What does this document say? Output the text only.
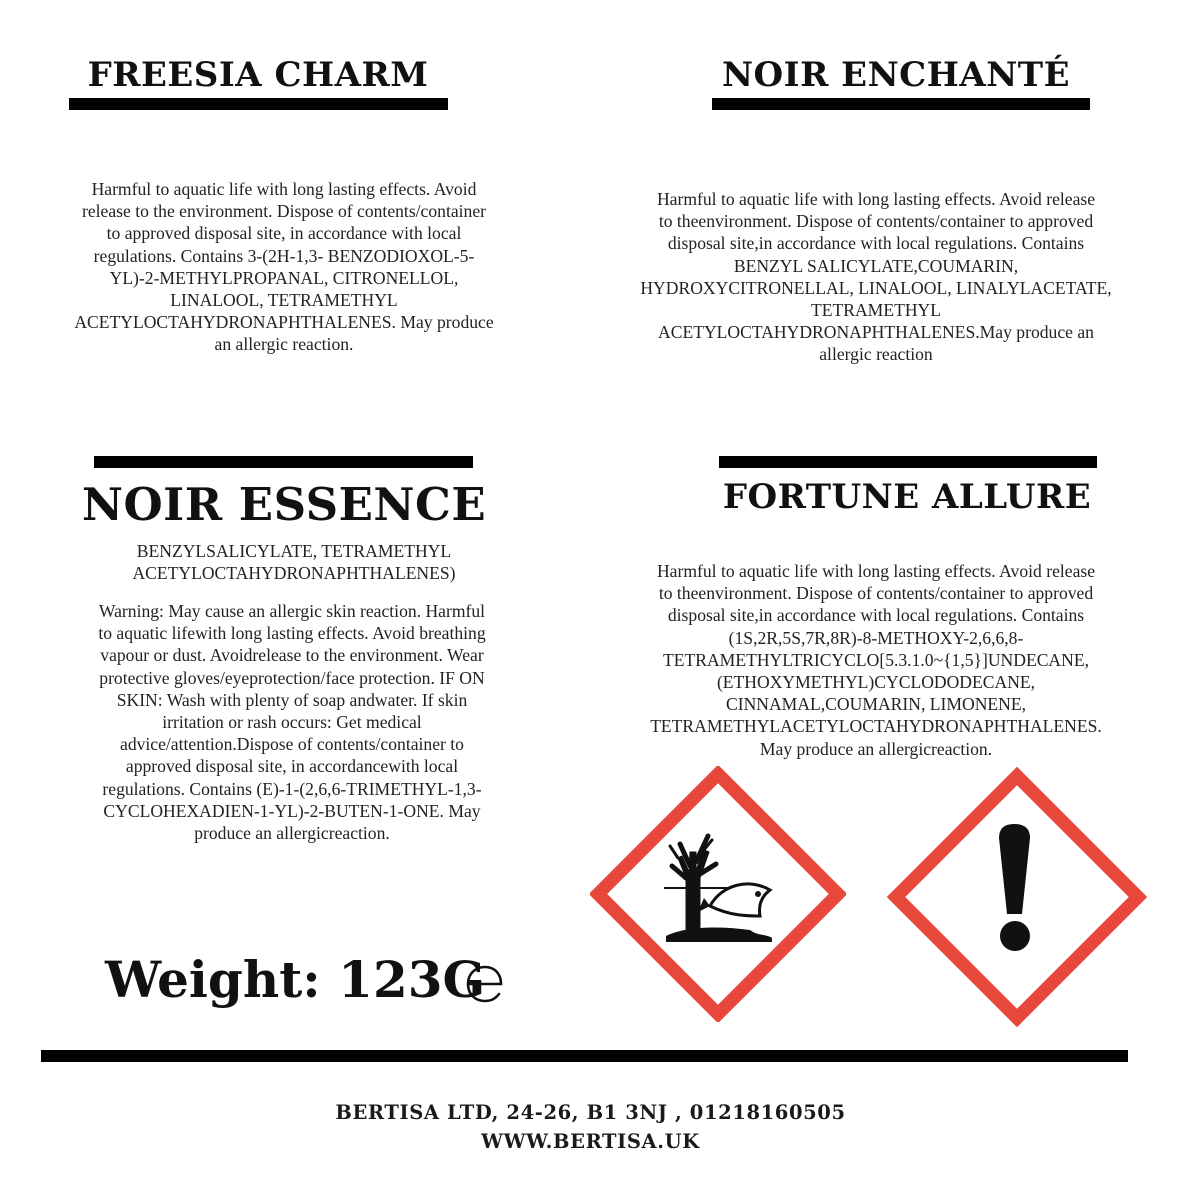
FREESIA CHARM
Harmful to aquatic life with long lasting effects. Avoid
release to the environment. Dispose of contents/container
to approved disposal site, in accordance with local
regulations. Contains 3-(2H-1,3- BENZODIOXOL-5-
YL)-2-METHYLPROPANAL, CITRONELLOL,
LINALOOL, TETRAMETHYL
ACETYLOCTAHYDRONAPHTHALENES. May produce
an allergic reaction.
NOIR ENCHANTÉ
Harmful to aquatic life with long lasting effects. Avoid release
to theenvironment. Dispose of contents/container to approved
disposal site,in accordance with local regulations. Contains
BENZYL SALICYLATE,COUMARIN,
HYDROXYCITRONELLAL, LINALOOL, LINALYLACETATE,
TETRAMETHYL
ACETYLOCTAHYDRONAPHTHALENES.May produce an
allergic reaction
NOIR ESSENCE
BENZYLSALICYLATE, TETRAMETHYL
ACETYLOCTAHYDRONAPHTHALENES)
Warning: May cause an allergic skin reaction. Harmful
to aquatic lifewith long lasting effects. Avoid breathing
vapour or dust. Avoidrelease to the environment. Wear
protective gloves/eyeprotection/face protection. IF ON
SKIN: Wash with plenty of soap andwater. If skin
irritation or rash occurs: Get medical
advice/attention.Dispose of contents/container to
approved disposal site, in accordancewith local
regulations. Contains (E)-1-(2,6,6-TRIMETHYL-1,3-
CYCLOHEXADIEN-1-YL)-2-BUTEN-1-ONE. May
produce an allergicreaction.
FORTUNE ALLURE
Harmful to aquatic life with long lasting effects. Avoid release
to theenvironment. Dispose of contents/container to approved
disposal site,in accordance with local regulations. Contains
(1S,2R,5S,7R,8R)-8-METHOXY-2,6,6,8-
TETRAMETHYLTRICYCLO[5.3.1.0~{1,5}]UNDECANE,
(ETHOXYMETHYL)CYCLODODECANE,
CINNAMAL,COUMARIN, LIMONENE,
TETRAMETHYLACETYLOCTAHYDRONAPHTHALENES.
May produce an allergicreaction.
Weight: 123G
BERTISA LTD, 24-26, B1 3NJ , 01218160505
WWW.BERTISA.UK
